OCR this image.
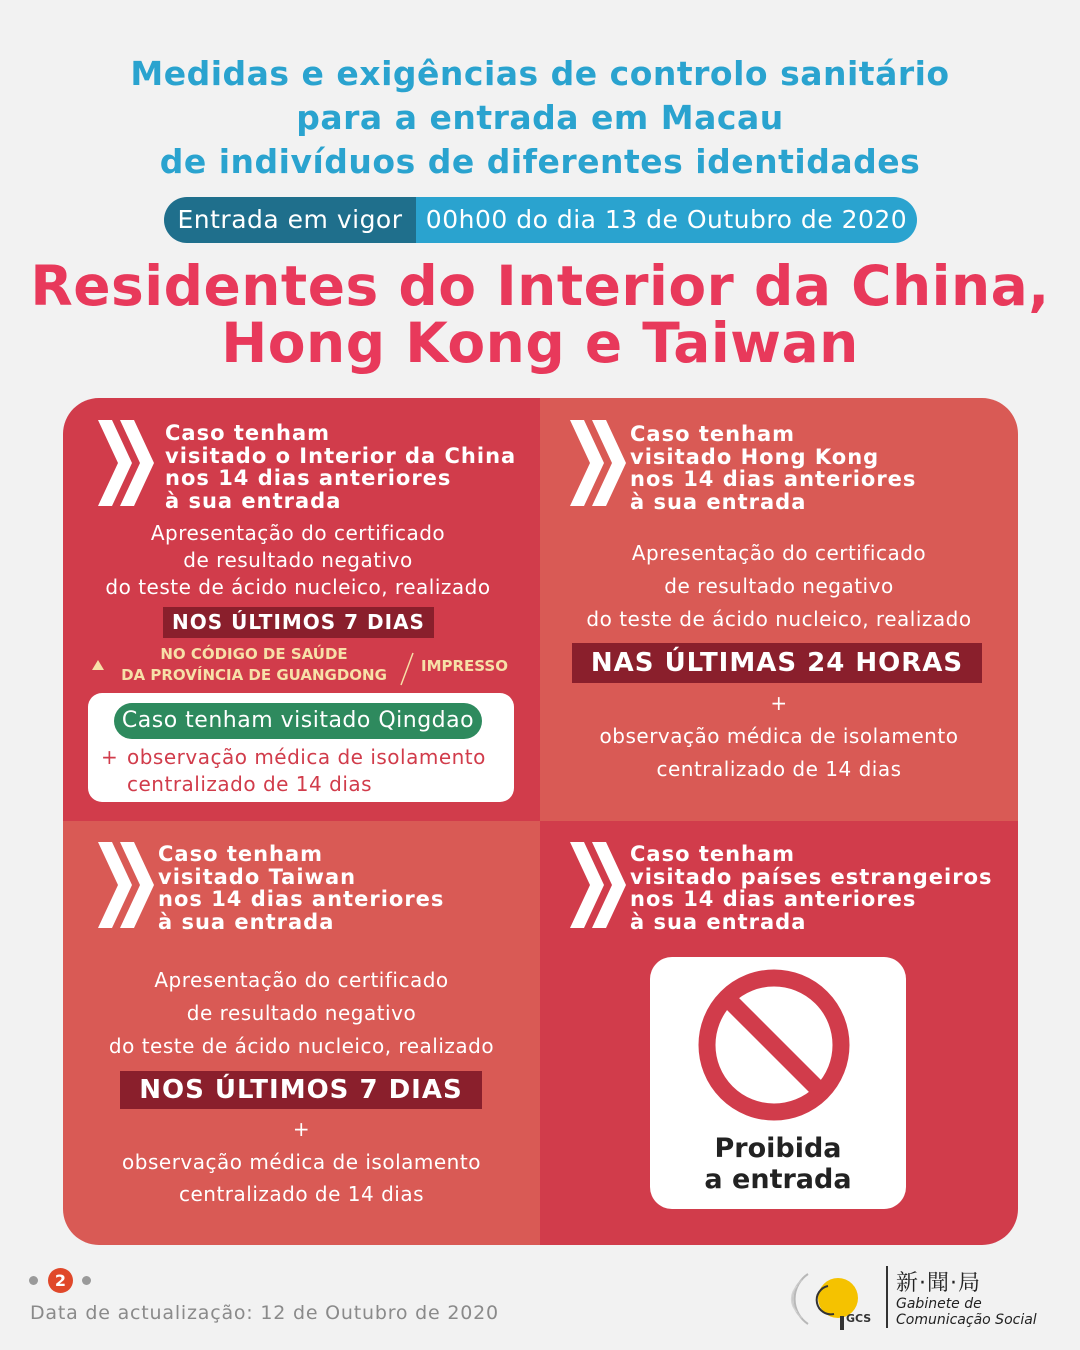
Medidas e exigências de controlo sanitário
para a entrada em Macau
de indivíduos de diferentes identidades
Entrada em vigor 00h00 do dia 13 de Outubro de 2020
Residentes do Interior da China,
Hong Kong e Taiwan
Caso tenham
visitado o Interior da China
nos 14 dias anteriores
à sua entrada
Apresentação do certificado
de resultado negativo
do teste de ácido nucleico, realizado
NOS ÚLTIMOS 7 DIAS
NO CÓDIGO DE SAÚDE
DA PROVÍNCIA DE GUANGDONG	IMPRESSO
Caso tenham visitado Qingdao
+ observação médica de isolamento
centralizado de 14 dias
Caso tenham
visitado Hong Kong
nos 14 dias anteriores
à sua entrada
Apresentação do certificado
de resultado negativo
do teste de ácido nucleico, realizado
NAS ÚLTIMAS 24 HORAS
+
observação médica de isolamento
centralizado de 14 dias
Caso tenham
visitado Taiwan
nos 14 dias anteriores
à sua entrada
Apresentação do certificado
de resultado negativo
do teste de ácido nucleico, realizado
NOS ÚLTIMOS 7 DIAS
+
observação médica de isolamento
centralizado de 14 dias
Caso tenham
visitado países estrangeiros
nos 14 dias anteriores
à sua entrada
Proibida
a entrada
2
Data de actualização: 12 de Outubro de 2020	GCS
新·聞·局
Gabinete de
Comunicação Social
